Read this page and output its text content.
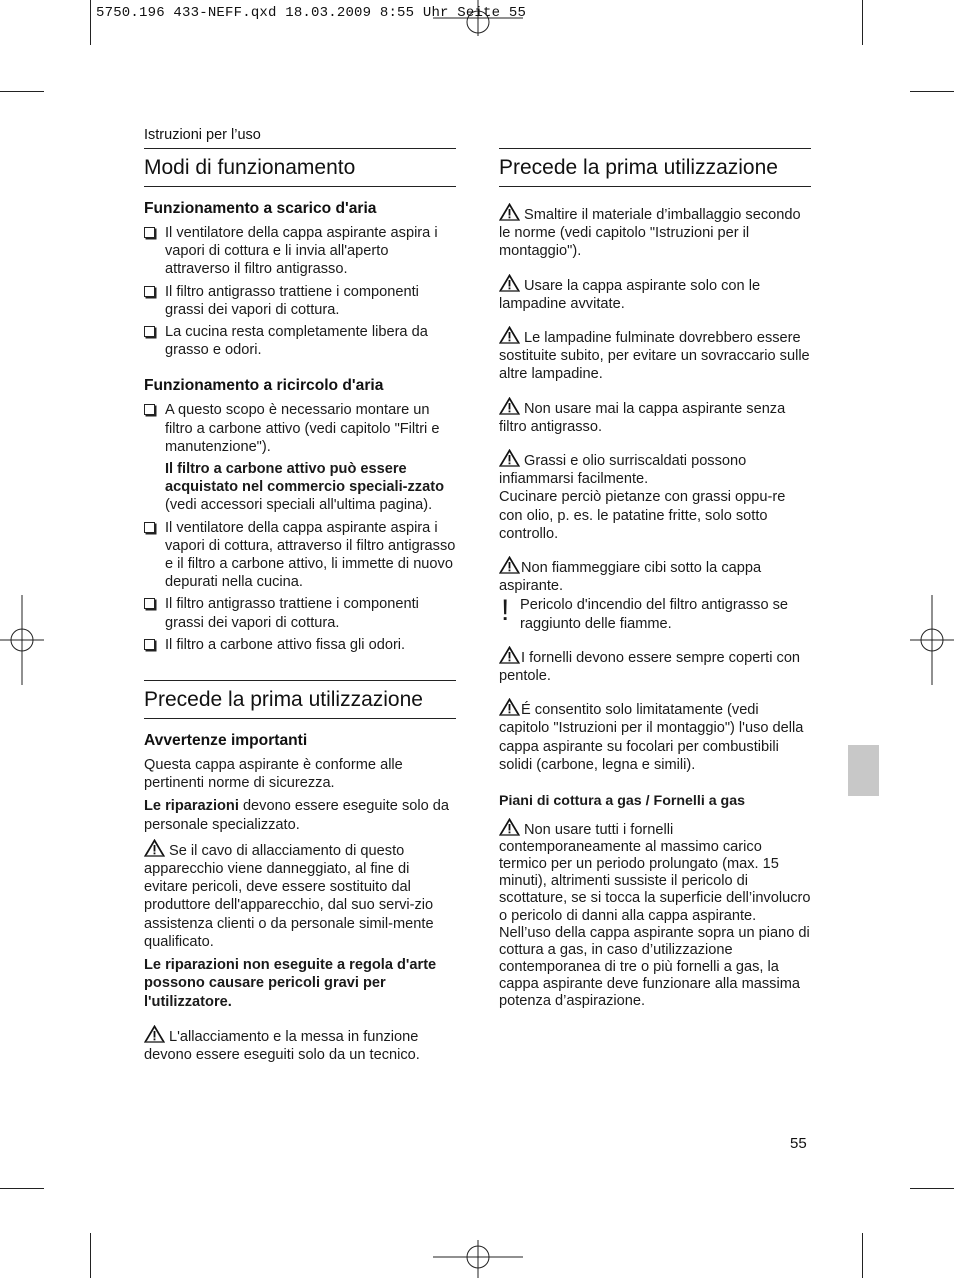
5750.196 433-NEFF.qxd 18.03.2009 8:55 Uhr Seite 55
Istruzioni per l’uso
Modi di funzionamento
Funzionamento a scarico d'aria
Il ventilatore della cappa aspirante aspira i vapori di cottura e li invia all'aperto attraverso il filtro antigrasso.
Il filtro antigrasso trattiene i componenti grassi dei vapori di cottura.
La cucina resta completamente libera da grasso e odori.
Funzionamento a ricircolo d'aria
A questo scopo è necessario montare un filtro a carbone attivo (vedi capitolo "Filtri e manutenzione").
Il filtro a carbone attivo può essere acquistato nel commercio speciali-zzato (vedi accessori speciali all'ultima pagina).
Il ventilatore della cappa aspirante aspira i vapori di cottura, attraverso il filtro antigrasso e il filtro a carbone attivo, li immette di nuovo depurati nella cucina.
Il filtro antigrasso trattiene i componenti grassi dei vapori di cottura.
Il filtro a carbone attivo fissa gli odori.
Precede la prima utilizzazione
Avvertenze importanti

Questa cappa aspirante è conforme alle pertinenti norme di sicurezza.

Le riparazioni devono essere eseguite solo da personale specializzato.

Se il cavo di allacciamento di questo apparecchio viene danneggiato, al fine di evitare pericoli, deve essere sostituito dal produttore dell'apparecchio, dal suo servi-zio assistenza clienti o da personale simil-mente qualificato.

Le riparazioni non eseguite a regola d'arte possono causare pericoli gravi per l'utilizzatore.

L'allacciamento e la messa in funzione devono essere eseguiti solo da un tecnico.

Precede la prima utilizzazione
Smaltire il materiale d’imballaggio secondo le norme (vedi capitolo "Istruzioni per il montaggio").
Usare la cappa aspirante solo con le lampadine avvitate.
Le lampadine fulminate dovrebbero essere sostituite subito, per evitare un sovraccario sulle altre lampadine.
Non usare mai la cappa aspirante senza filtro antigrasso.
Grassi e olio surriscaldati possono infiammarsi facilmente.
Cucinare perciò pietanze con grassi oppu-re con olio, p. es. le patatine fritte, solo sotto controllo.
Non fiammeggiare cibi sotto la cappa aspirante.
! Pericolo d'incendio del filtro antigrasso se raggiunto delle fiamme.
I fornelli devono essere sempre coperti con pentole.
É consentito solo limitatamente (vedi capitolo "Istruzioni per il montaggio") l'uso della cappa aspirante su focolari per combustibili solidi (carbone, legna e simili).
Piani di cottura a gas / Fornelli a gas
Non usare tutti i fornelli contemporaneamente al massimo carico termico per un periodo prolungato (max. 15 minuti), altrimenti sussiste il pericolo di scottature, se si tocca la superficie dell’involucro o pericolo di danni alla cappa aspirante. Nell’uso della cappa aspirante sopra un piano di cottura a gas, in caso d’utilizzazione contemporanea di tre o più fornelli a gas, la cappa aspirante deve funzionare alla massima potenza d’aspirazione.
55
